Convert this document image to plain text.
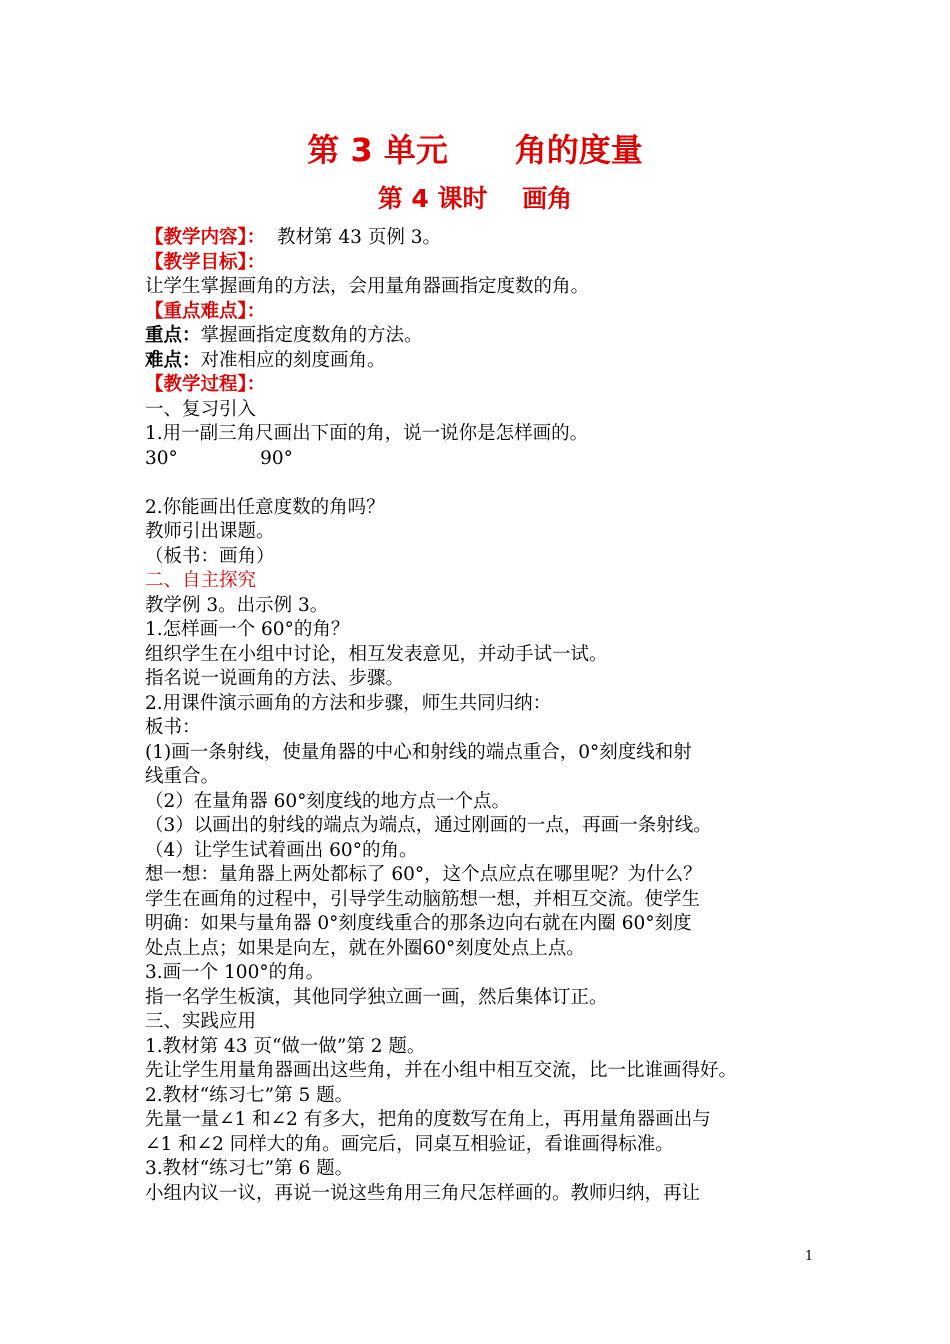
第 3 单元      角的度量
第 4 课时    画角
【教学内容】：  教材第 43 页例 3。
【教学目标】：
让学生掌握画角的方法，会用量角器画指定度数的角。
【重点难点】：
重点：掌握画指定度数角的方法。
难点：对准相应的刻度画角。
【教学过程】：
一、复习引入
1.用一副三角尺画出下面的角，说一说你是怎样画的。
30°              90°
2.你能画出任意度数的角吗？
教师引出课题。
（板书：画角）
二、自主探究
教学例 3。出示例 3。
1.怎样画一个 60°的角？
组织学生在小组中讨论，相互发表意见，并动手试一试。
指名说一说画角的方法、步骤。
2.用课件演示画角的方法和步骤，师生共同归纳：
板书：
(1)画一条射线，使量角器的中心和射线的端点重合，0°刻度线和射
线重合。
（2）在量角器 60°刻度线的地方点一个点。
（3）以画出的射线的端点为端点，通过刚画的一点，再画一条射线。
（4）让学生试着画出 60°的角。
想一想：量角器上两处都标了 60°，这个点应点在哪里呢？为什么？
学生在画角的过程中，引导学生动脑筋想一想，并相互交流。使学生
明确：如果与量角器 0°刻度线重合的那条边向右就在内圈 60°刻度
处点上点；如果是向左，就在外圈60°刻度处点上点。
3.画一个 100°的角。
指一名学生板演，其他同学独立画一画，然后集体订正。
三、实践应用
1.教材第 43 页“做一做”第 2 题。
先让学生用量角器画出这些角，并在小组中相互交流，比一比谁画得好。
2.教材“练习七”第 5 题。
先量一量∠1 和∠2 有多大，把角的度数写在角上，再用量角器画出与
∠1 和∠2 同样大的角。画完后，同桌互相验证，看谁画得标准。
3.教材“练习七”第 6 题。
小组内议一议，再说一说这些角用三角尺怎样画的。教师归纳，再让
1
